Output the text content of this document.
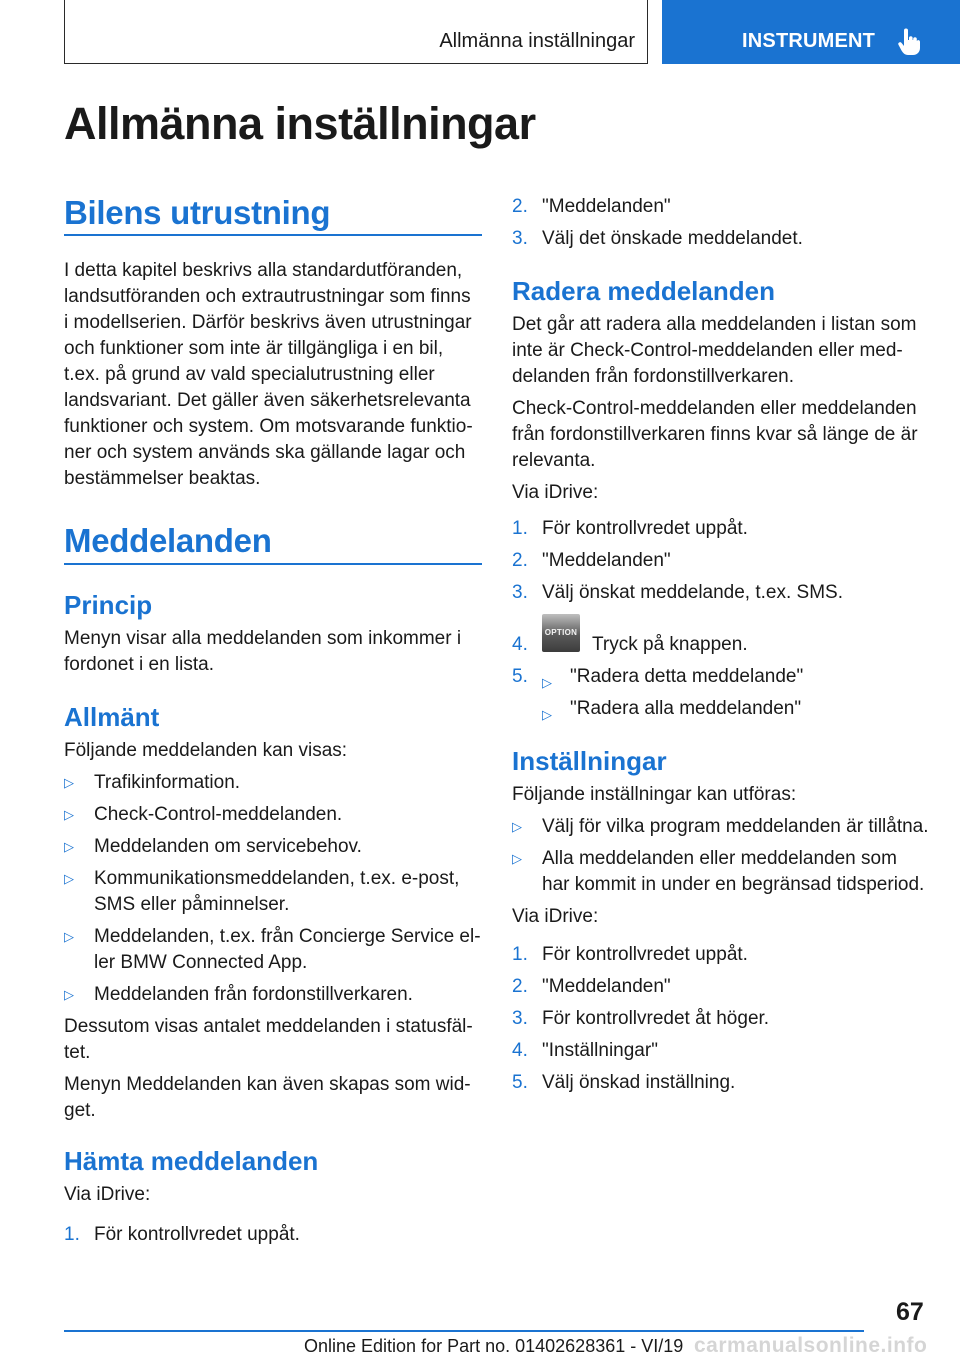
Allmänna inställningar	INSTRUMENT
Allmänna inställningar
Bilens utrustning
I detta kapitel beskrivs alla standardutföranden,
landsutföranden och extrautrustningar som finns
i modellserien. Därför beskrivs även utrustningar
och funktioner som inte är tillgängliga i en bil,
t.ex. på grund av vald specialutrustning eller
landsvariant. Det gäller även säkerhetsrelevanta
funktioner och system. Om motsvarande funktio-
ner och system används ska gällande lagar och
bestämmelser beaktas.
Meddelanden
Princip
Menyn visar alla meddelanden som inkommer i
fordonet i en lista.
Allmänt
Följande meddelanden kan visas:
▷ Trafikinformation.
▷ Check-Control-meddelanden.
▷ Meddelanden om servicebehov.
▷ Kommunikationsmeddelanden, t.ex. e-post,
SMS eller påminnelser.
▷ Meddelanden, t.ex. från Concierge Service el-
ler BMW Connected App.
▷ Meddelanden från fordonstillverkaren.
Dessutom visas antalet meddelanden i statusfäl-
tet.
Menyn Meddelanden kan även skapas som wid-
get.
Hämta meddelanden
Via iDrive:
1. För kontrollvredet uppåt.
2. "Meddelanden"
3. Välj det önskade meddelandet.
Radera meddelanden
Det går att radera alla meddelanden i listan som
inte är Check-Control-meddelanden eller med-
delanden från fordonstillverkaren.
Check-Control-meddelanden eller meddelanden
från fordonstillverkaren finns kvar så länge de är
relevanta.
Via iDrive:
1. För kontrollvredet uppåt.
2. "Meddelanden"
3. Välj önskat meddelande, t.ex. SMS.
4.
OPTION
Tryck på knappen.
5.	▷ "Radera detta meddelande"
▷ "Radera alla meddelanden"
Inställningar
Följande inställningar kan utföras:
▷ Välj för vilka program meddelanden är tillåtna.
▷ Alla meddelanden eller meddelanden som
har kommit in under en begränsad tidsperiod.
Via iDrive:
1. För kontrollvredet uppåt.
2. "Meddelanden"
3. För kontrollvredet åt höger.
4. "Inställningar"
5. Välj önskad inställning.
67
Online Edition for Part no. 01402628361 - VI/19 carmanualsonline.info
